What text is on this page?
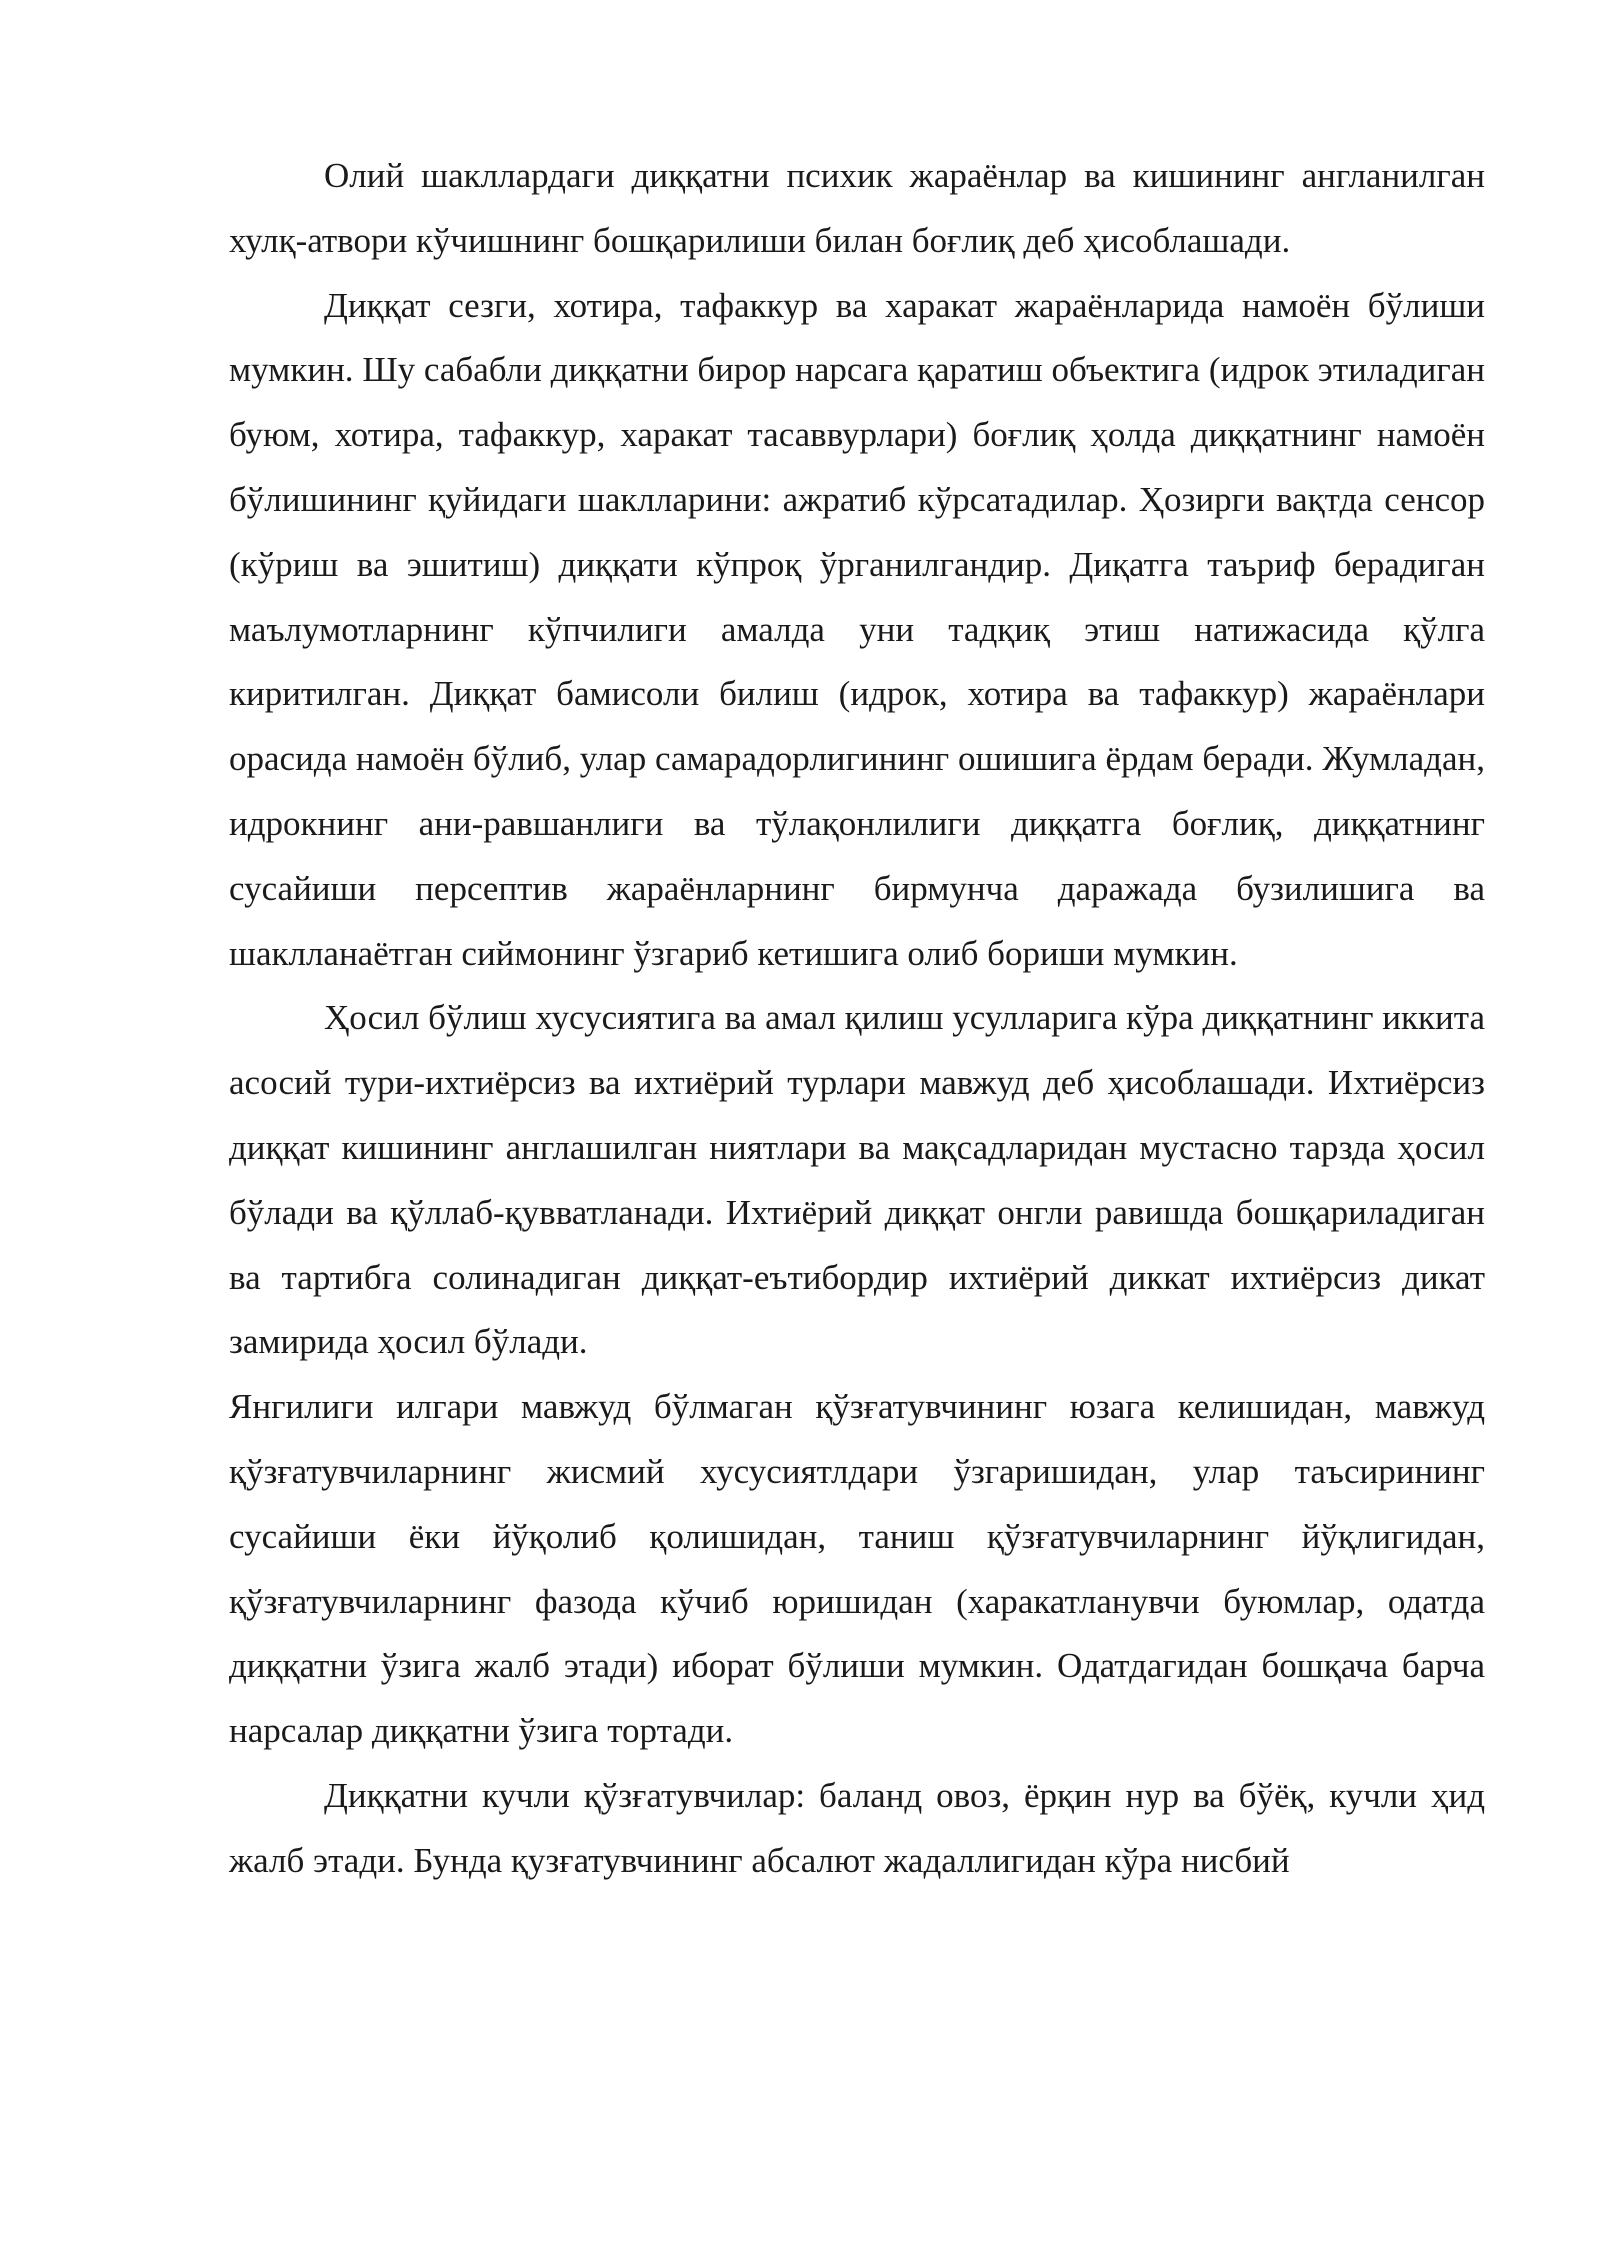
Олий шакллардаги диққатни психик жараёнлар ва кишининг англанилган хулқ-атвори кўчишнинг бошқарилиши билан боғлиқ деб ҳисоблашади.

Диққат сезги, хотира, тафаккур ва харакат жараёнларида намоён бўлиши мумкин. Шу сабабли диққатни бирор нарсага қаратиш объектига (идрок этиладиган буюм, хотира, тафаккур, харакат тасаввурлари) боғлиқ ҳолда диққатнинг намоён бўлишининг қуйидаги шаклларини: ажратиб кўрсатадилар. Ҳозирги вақтда сенсор (кўриш ва эшитиш) диққати кўпроқ ўрганилгандир. Диқатга таъриф берадиган маълумотларнинг кўпчилиги амалда уни тадқиқ этиш натижасида қўлга киритилган. Диққат бамисоли билиш (идрок, хотира ва тафаккур) жараёнлари орасида намоён бўлиб, улар самарадорлигининг ошишига ёрдам беради. Жумладан, идрокнинг ани-равшанлиги ва тўлақонлилиги диққатга боғлиқ, диққатнинг сусайиши персептив жараёнларнинг бирмунча даражада бузилишига ва шаклланаётган сиймонинг ўзгариб кетишига олиб бориши мумкин.

Ҳосил бўлиш хусусиятига ва амал қилиш усулларига кўра диққатнинг иккита асосий тури-ихтиёрсиз ва ихтиёрий турлари мавжуд деб ҳисоблашади. Ихтиёрсиз диққат кишининг англашилган ниятлари ва мақсадларидан мустасно тарзда ҳосил бўлади ва қўллаб-қувватланади. Ихтиёрий диққат онгли равишда бошқариладиган ва тартибга солинадиган диққат-еътибордир ихтиёрий диккат ихтиёрсиз дикат замирида ҳосил бўлади.

Янгилиги илгари мавжуд бўлмаган қўзғатувчининг юзага келишидан, мавжуд қўзғатувчиларнинг жисмий хусусиятлдари ўзгаришидан, улар таъсирининг сусайиши ёки йўқолиб қолишидан, таниш қўзғатувчиларнинг йўқлигидан, қўзғатувчиларнинг фазода кўчиб юришидан (харакатланувчи буюмлар, одатда диққатни ўзига жалб этади) иборат бўлиши мумкин. Одатдагидан бошқача барча нарсалар диққатни ўзига тортади.

Диққатни кучли қўзғатувчилар: баланд овоз, ёрқин нур ва бўёқ, кучли ҳид жалб этади. Бунда қузғатувчининг абсалют жадаллигидан кўра нисбий
